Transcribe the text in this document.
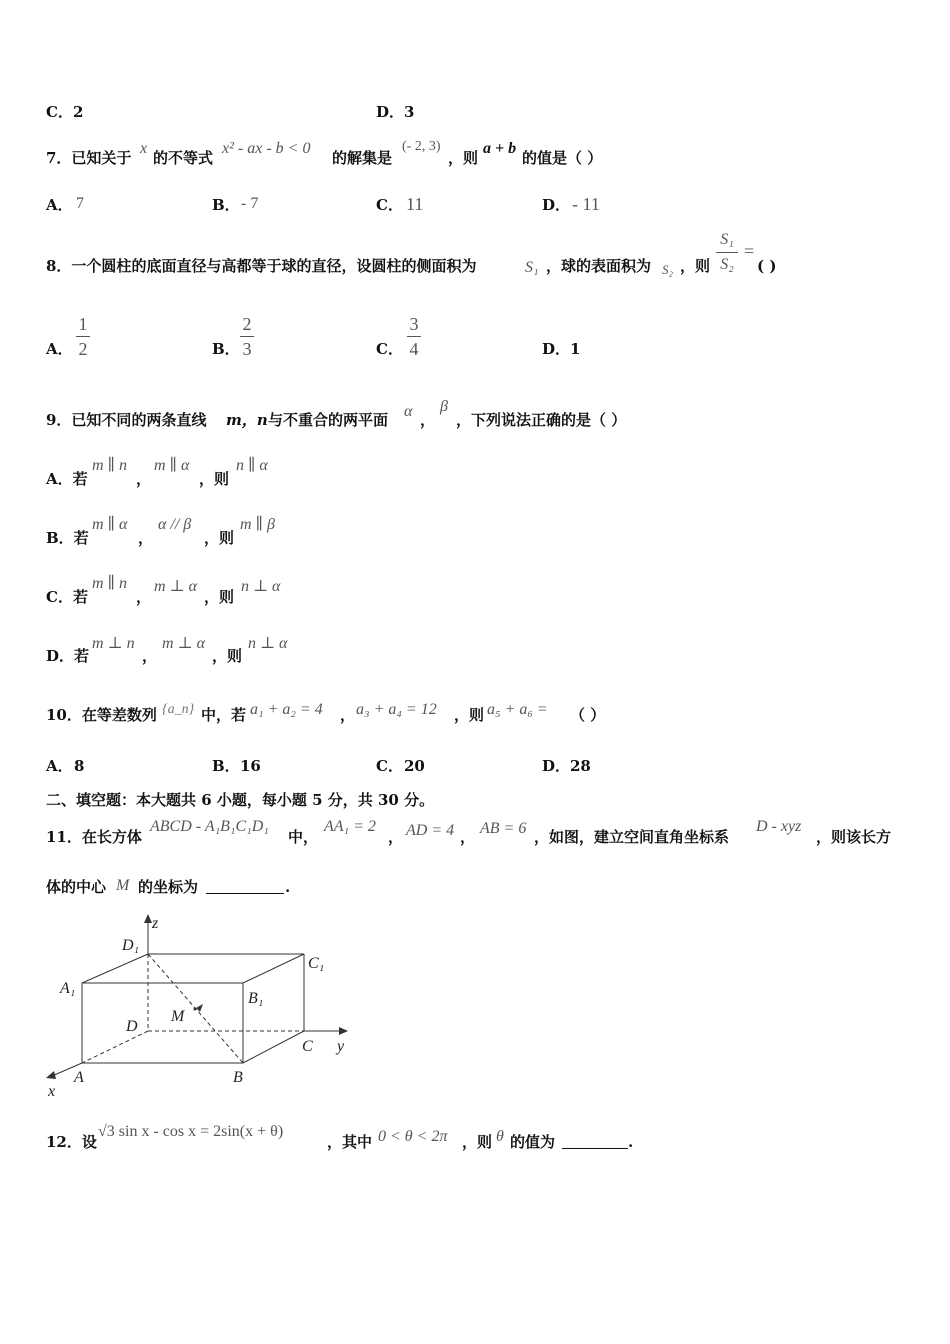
C．2	D．3
7．已知关于
x
的不等式
x² - ax - b < 0
的解集是
(- 2, 3)
，则
a + b
的值是（ ）
A． 7	B． - 7	C． 11	D． - 11
8．一个圆柱的底面直径与高都等于球的直径，设圆柱的侧面积为	S₁ ，球的表面积为 S₂ ，则
S₁
S₂
=
( )
A．
1
2	B．
2
3	C．
3
4	D． 1
9．已知不同的两条直线 m，n 与不重合的两平面 α ，
β
，下列说法正确的是（ ）
A．若
m ∥ n
，
m ∥ α
，则
n ∥ α
B．若
m ∥ α
，
α // β
，则
m ∥ β
C．若
m ∥ n
，
m ⊥ α
，则
n ⊥ α
D．若
m ⊥ n
，
m ⊥ α
，则
n ⊥ α
10．在等差数列 {a_n} 中，若 a₁ + a₂ = 4 ， a₃ + a₄ = 12 ，则 a₅ + a₆ = （ ）
A． 8	B． 16	C． 20	D． 28
二、填空题：本大题共 6 小题，每小题 5 分，共 30 分。
11．在长方体
ABCD - A₁B₁C₁D₁
中，
AA₁ = 2
， AD = 4 ， AB = 6 ，如图，建立空间直角坐标系
D - xyz
，则该长方
体的中心 M 的坐标为	.
D₁
C₁
A₁
B₁
D
M
C
A	B
x
y
z
12．设
√3 sin x - cos x = 2sin(x + θ)
，其中 0 < θ < 2π ，则 θ 的值为	.
